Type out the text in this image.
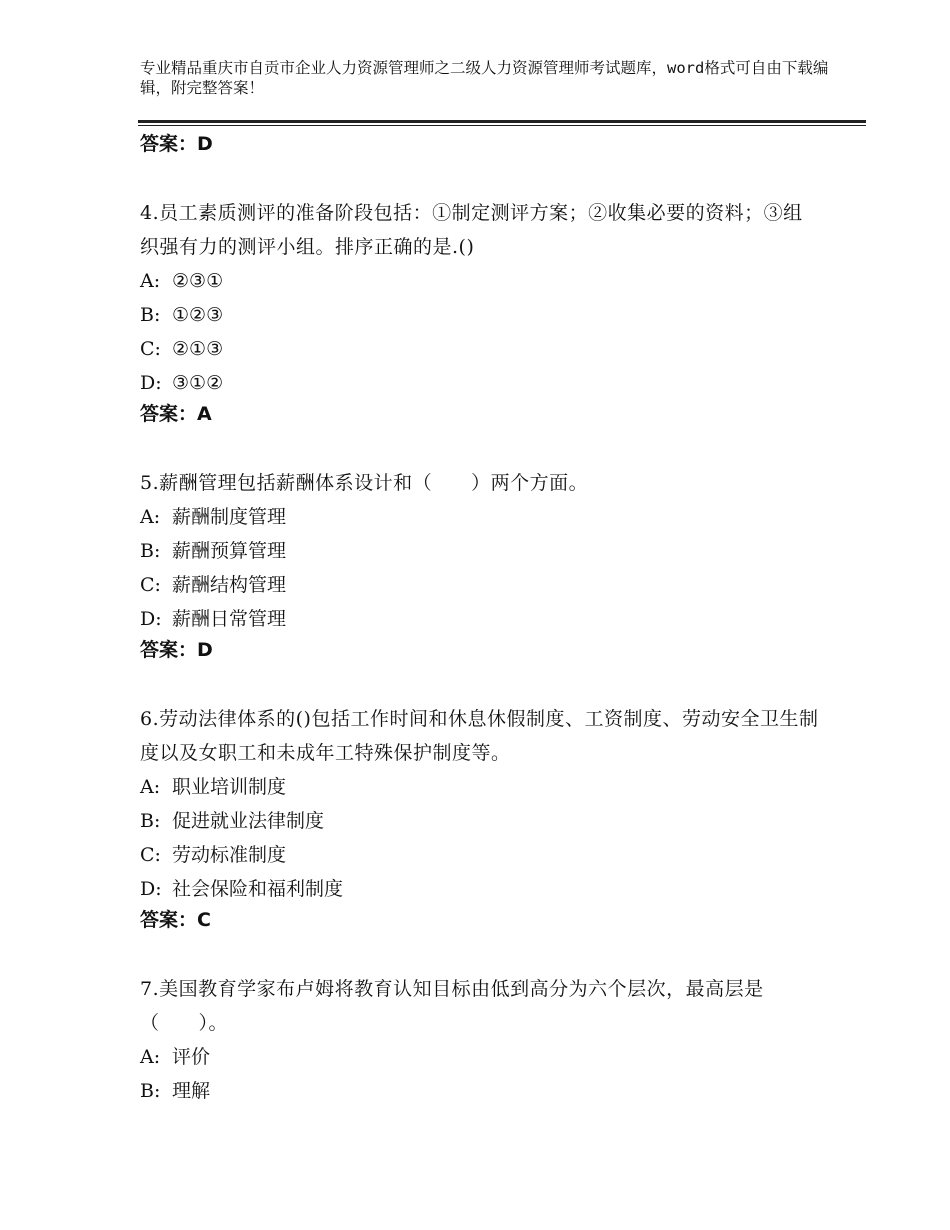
专业精品重庆市自贡市企业人力资源管理师之二级人力资源管理师考试题库，word格式可自由下载编辑，附完整答案！

答案：D

4.员工素质测评的准备阶段包括：①制定测评方案；②收集必要的资料；③组织强有力的测评小组。排序正确的是.()

A: ②③①

B: ①②③

C: ②①③

D: ③①②

答案：A

5.薪酬管理包括薪酬体系设计和（　　）两个方面。

A: 薪酬制度管理

B: 薪酬预算管理

C: 薪酬结构管理

D: 薪酬日常管理

答案：D

6.劳动法律体系的()包括工作时间和休息休假制度、工资制度、劳动安全卫生制度以及女职工和未成年工特殊保护制度等。

A: 职业培训制度

B: 促进就业法律制度

C: 劳动标准制度

D: 社会保险和福利制度

答案：C

7.美国教育学家布卢姆将教育认知目标由低到高分为六个层次，最高层是（　　）。

A: 评价

B: 理解
